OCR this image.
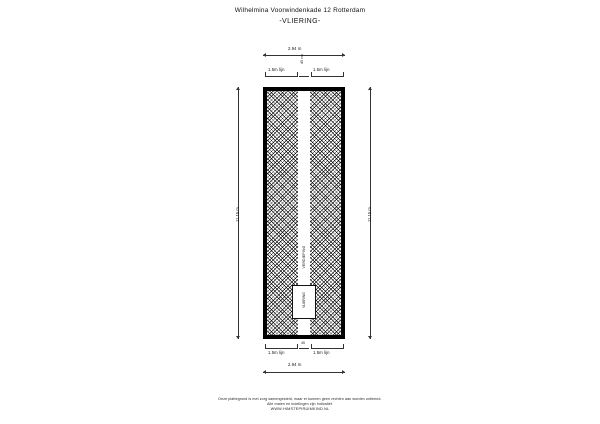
Wilhelmina Voorwindenkade 12 Rotterdam
-VLIERING-
2.94 m
1.5m lijn
45 cm
1.5m lijn
VERDIEPING
VLIERING
11.15 m	11.15 m
1.5m lijn
45
1.5m lijn
2.94 m
Deze plattegrond is met zorg samengesteld, maar er kunnen geen rechten aan worden ontleend.
Alle maten en indelingen zijn indicatief.
WWW.HIMSTEPIRUIMKIND.NL
